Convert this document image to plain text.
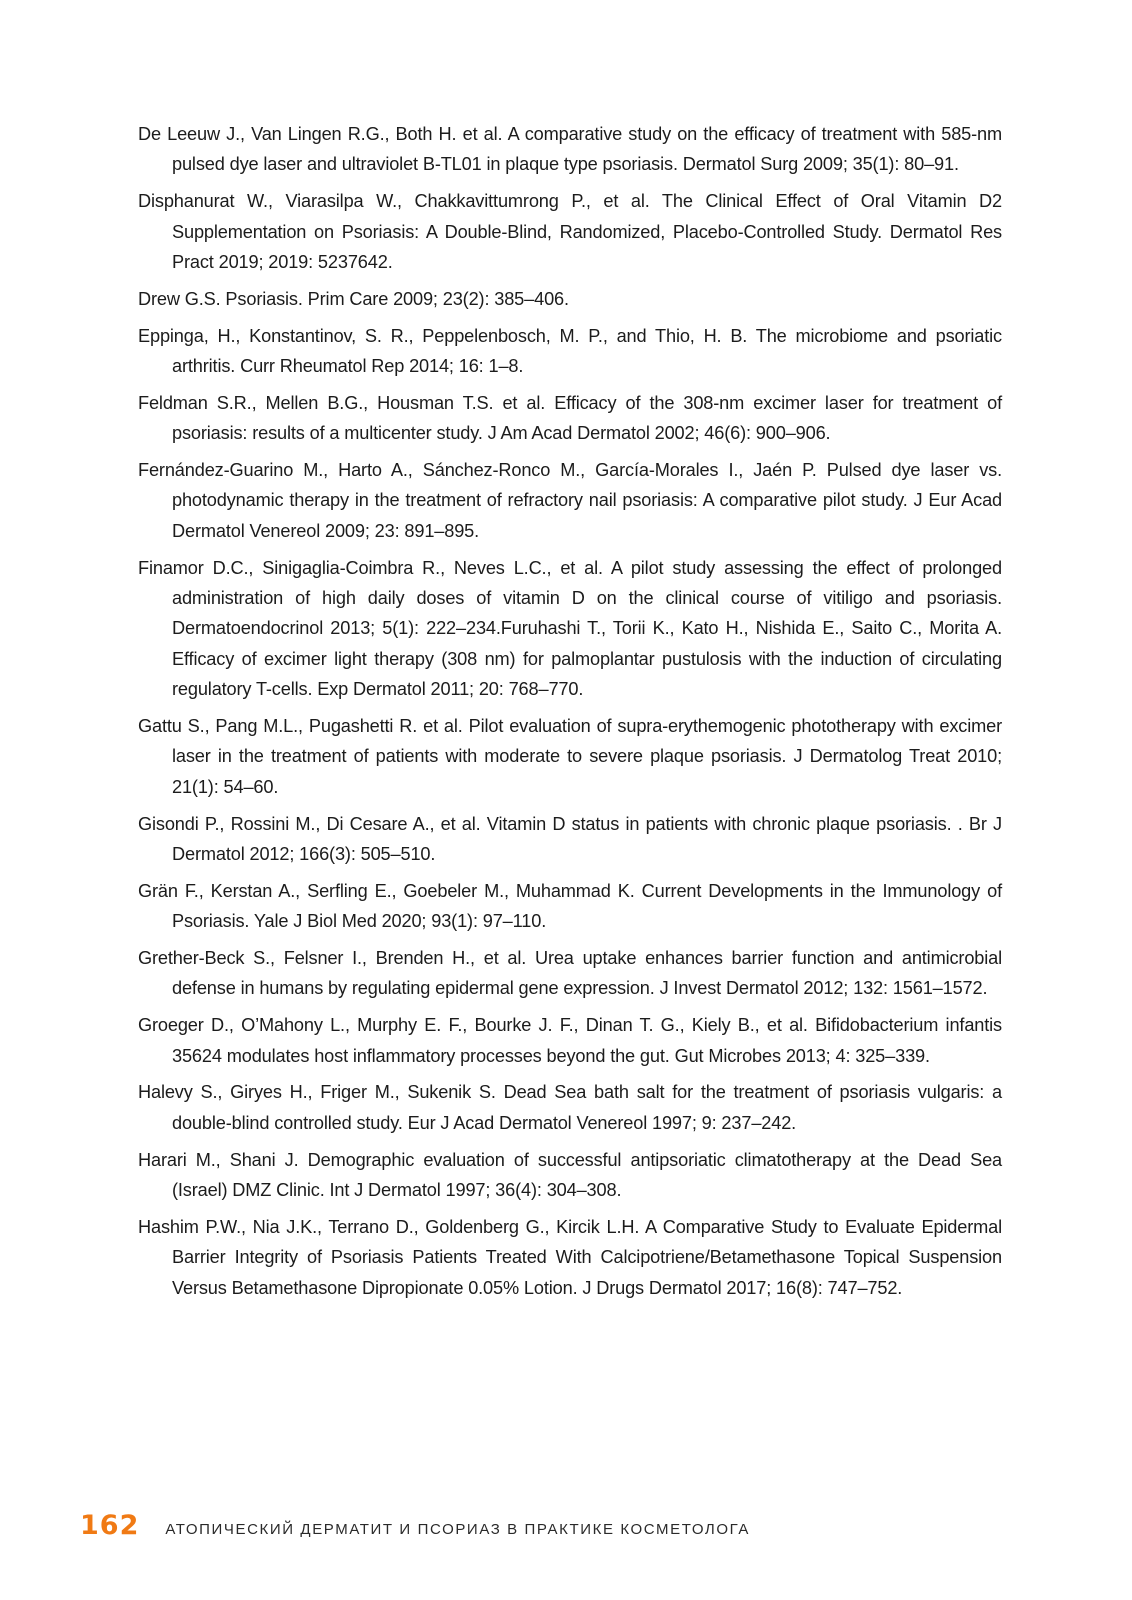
De Leeuw J., Van Lingen R.G., Both H. et al. A comparative study on the efficacy of treatment with 585-nm pulsed dye laser and ultraviolet B-TL01 in plaque type psoriasis. Dermatol Surg 2009; 35(1): 80–91.
Disphanurat W., Viarasilpa W., Chakkavittumrong P., et al. The Clinical Effect of Oral Vitamin D2 Supplementation on Psoriasis: A Double-Blind, Randomized, Placebo-Controlled Study. Dermatol Res Pract 2019; 2019: 5237642.
Drew G.S. Psoriasis. Prim Care 2009; 23(2): 385–406.
Eppinga, H., Konstantinov, S. R., Peppelenbosch, M. P., and Thio, H. B. The microbiome and psoriatic arthritis. Curr Rheumatol Rep 2014; 16: 1–8.
Feldman S.R., Mellen B.G., Housman T.S. et al. Efficacy of the 308-nm excimer laser for treatment of psoriasis: results of a multicenter study. J Am Acad Dermatol 2002; 46(6): 900–906.
Fernández-Guarino M., Harto A., Sánchez-Ronco M., García-Morales I., Jaén P. Pulsed dye laser vs. photodynamic therapy in the treatment of refractory nail psoriasis: A comparative pilot study. J Eur Acad Dermatol Venereol 2009; 23: 891–895.
Finamor D.C., Sinigaglia-Coimbra R., Neves L.C., et al. A pilot study assessing the effect of prolonged administration of high daily doses of vitamin D on the clinical course of vitiligo and psoriasis. Dermatoendocrinol 2013; 5(1): 222–234.Furuhashi T., Torii K., Kato H., Nishida E., Saito C., Morita A. Efficacy of excimer light therapy (308 nm) for palmoplantar pustulosis with the induction of circulating regulatory T-cells. Exp Dermatol 2011; 20: 768–770.
Gattu S., Pang M.L., Pugashetti R. et al. Pilot evaluation of supra-erythemogenic phototherapy with excimer laser in the treatment of patients with moderate to severe plaque psoriasis. J Dermatolog Treat 2010; 21(1): 54–60.
Gisondi P., Rossini M., Di Cesare A., et al. Vitamin D status in patients with chronic plaque psoriasis. . Br J Dermatol 2012; 166(3): 505–510.
Grän F., Kerstan A., Serfling E., Goebeler M., Muhammad K. Current Developments in the Immunology of Psoriasis. Yale J Biol Med 2020; 93(1): 97–110.
Grether-Beck S., Felsner I., Brenden H., et al. Urea uptake enhances barrier function and antimicrobial defense in humans by regulating epidermal gene expression. J Invest Dermatol 2012; 132: 1561–1572.
Groeger D., O’Mahony L., Murphy E. F., Bourke J. F., Dinan T. G., Kiely B., et al. Bifidobacterium infantis 35624 modulates host inflammatory processes beyond the gut. Gut Microbes 2013; 4: 325–339.
Halevy S., Giryes H., Friger M., Sukenik S. Dead Sea bath salt for the treatment of psoriasis vulgaris: a double-blind controlled study. Eur J Acad Dermatol Venereol 1997; 9: 237–242.
Harari M., Shani J. Demographic evaluation of successful antipsoriatic climatotherapy at the Dead Sea (Israel) DMZ Clinic. Int J Dermatol 1997; 36(4): 304–308.
Hashim P.W., Nia J.K., Terrano D., Goldenberg G., Kircik L.H. A Comparative Study to Evaluate Epidermal Barrier Integrity of Psoriasis Patients Treated With Calcipotriene/Betamethasone Topical Suspension Versus Betamethasone Dipropionate 0.05% Lotion. J Drugs Dermatol 2017; 16(8): 747–752.
162 АТОПИЧЕСКИЙ ДЕРМАТИТ И ПСОРИАЗ В ПРАКТИКЕ КОСМЕТОЛОГА
